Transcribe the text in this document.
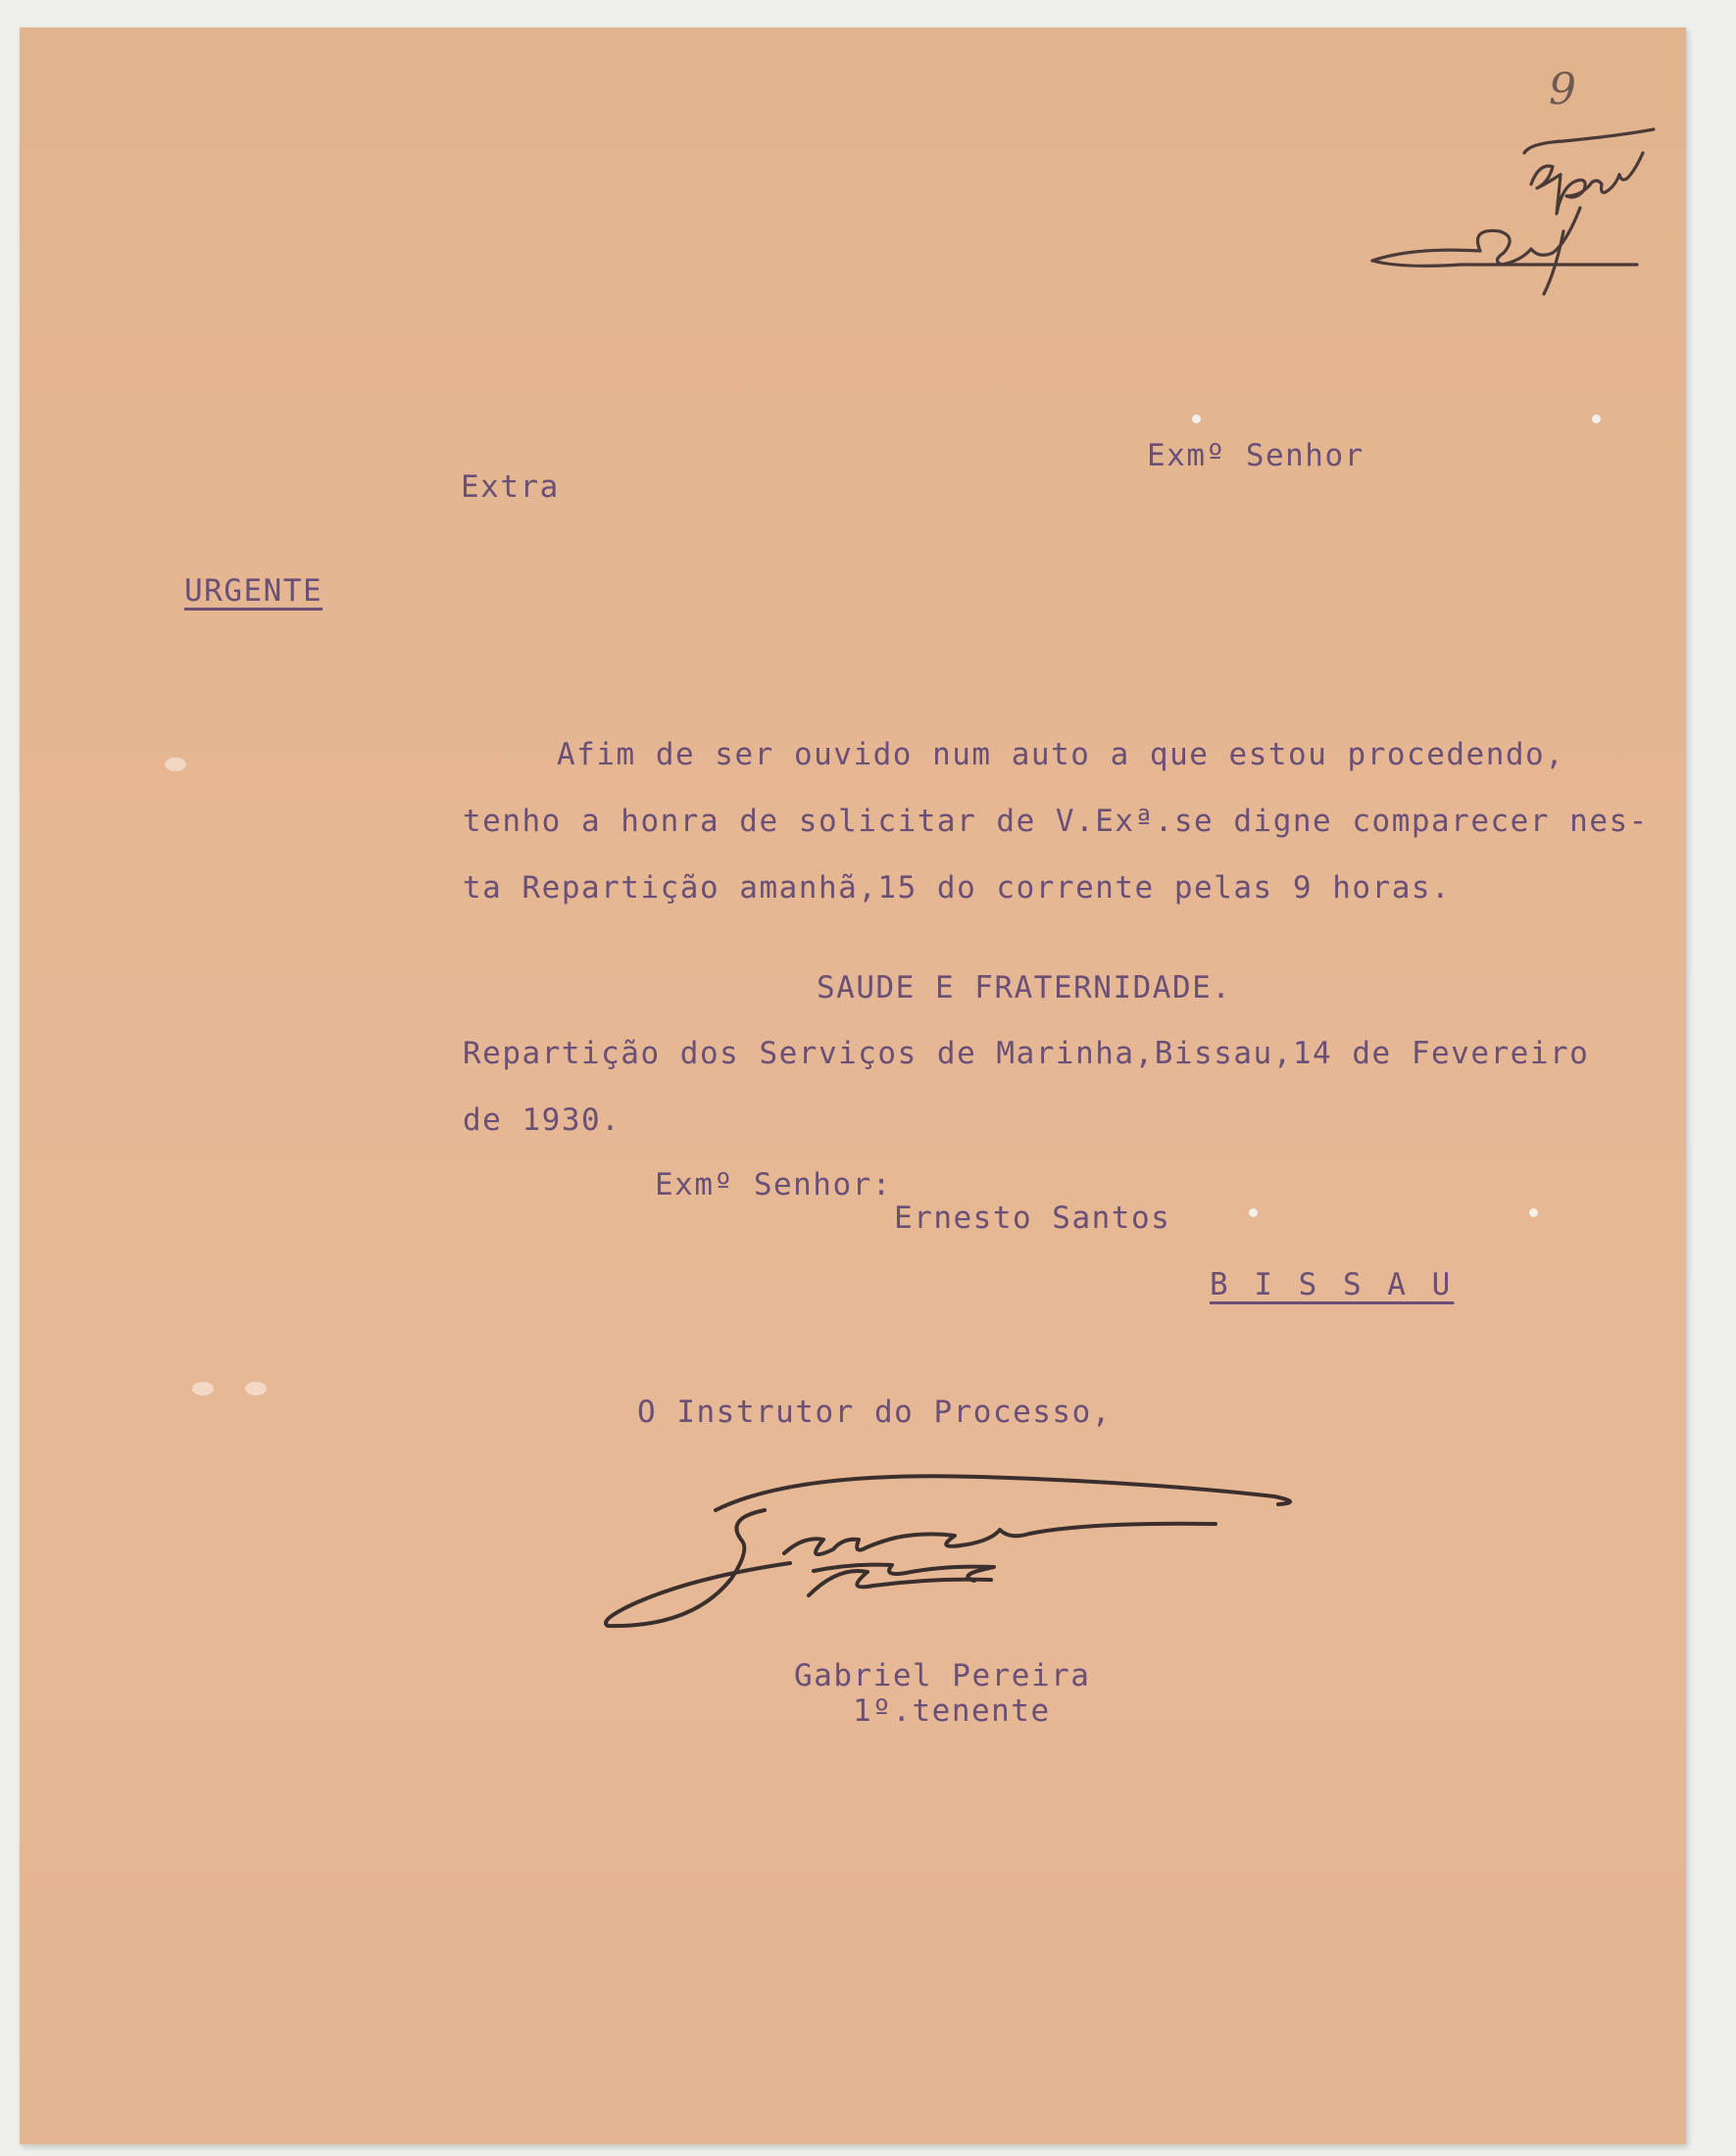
9
Exmº Senhor
Extra
URGENTE
Afim de ser ouvido num auto a que estou procedendo,
tenho a honra de solicitar de V.Exª.se digne comparecer nes-
ta Repartição amanhã,15 do corrente pelas 9 horas.
SAUDE E FRATERNIDADE.
Repartição dos Serviços de Marinha,Bissau,14 de Fevereiro
de 1930.
Exmº Senhor:
Ernesto Santos
B I S S A U
O Instrutor do Processo,
Gabriel Pereira
1º.tenente
